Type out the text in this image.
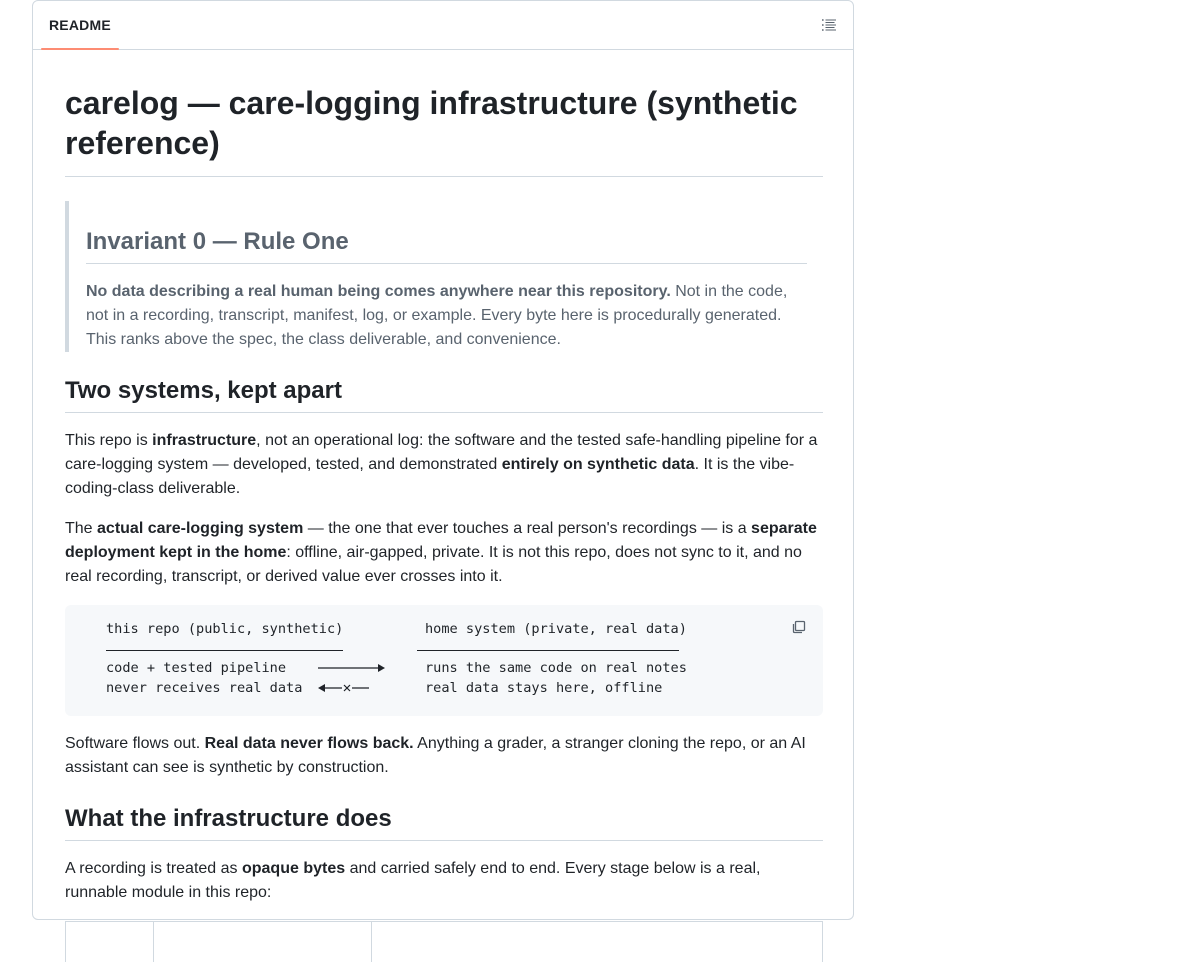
README
carelog — care-logging infrastructure (synthetic reference)
Invariant 0 — Rule One

No data describing a real human being comes anywhere near this repository. Not in the code, not in a recording, transcript, manifest, log, or example. Every byte here is procedurally generated. This ranks above the spec, the class deliverable, and convenience.

Two systems, kept apart

This repo is infrastructure, not an operational log: the software and the tested safe-handling pipeline for a care-logging system — developed, tested, and demonstrated entirely on synthetic data. It is the vibe-coding-class deliverable.

The actual care-logging system — the one that ever touches a real person's recordings — is a separate deployment kept in the home: offline, air-gapped, private. It is not this repo, does not sync to it, and no real recording, transcript, or derived value ever crosses into it.

this repo (public, synthetic)	home system (private, real data)
code + tested pipeline
never receives real data
runs the same code on real notes
real data stays here, offline

Software flows out. Real data never flows back. Anything a grader, a stranger cloning the repo, or an AI assistant can see is synthetic by construction.

What the infrastructure does

A recording is treated as opaque bytes and carried safely end to end. Every stage below is a real, runnable module in this repo:
